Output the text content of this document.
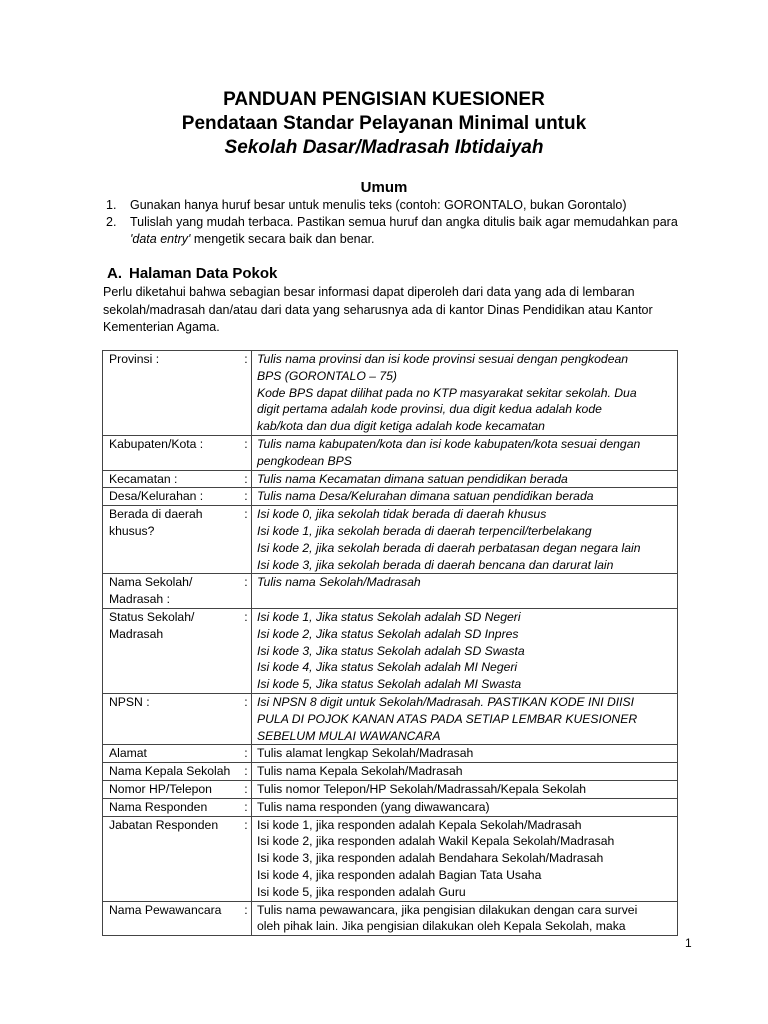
PANDUAN PENGISIAN KUESIONER
Pendataan Standar Pelayanan Minimal untuk
Sekolah Dasar/Madrasah Ibtidaiyah
Umum
1.	Gunakan hanya huruf besar untuk menulis teks (contoh: GORONTALO, bukan Gorontalo)
2.	Tulislah yang mudah terbaca. Pastikan semua huruf dan angka ditulis baik agar memudahkan para
'data entry' mengetik secara baik dan benar.
A. Halaman Data Pokok
Perlu diketahui bahwa sebagian besar informasi dapat diperoleh dari data yang ada di lembaran
sekolah/madrasah dan/atau dari data yang seharusnya ada di kantor Dinas Pendidikan atau Kantor
Kementerian Agama.
Provinsi :	:	Tulis nama provinsi dan isi kode provinsi sesuai dengan pengkodean
BPS (GORONTALO – 75)
Kode BPS dapat dilihat pada no KTP masyarakat sekitar sekolah. Dua
digit pertama adalah kode provinsi, dua digit kedua adalah kode
kab/kota dan dua digit ketiga adalah kode kecamatan

Kabupaten/Kota :	:	Tulis nama kabupaten/kota dan isi kode kabupaten/kota sesuai dengan
pengkodean BPS

Kecamatan :	:	Tulis nama Kecamatan dimana satuan pendidikan berada

Desa/Kelurahan :	:	Tulis nama Desa/Kelurahan dimana satuan pendidikan berada

Berada di daerah
khusus?	:	Isi kode 0, jika sekolah tidak berada di daerah khusus
Isi kode 1, jika sekolah berada di daerah terpencil/terbelakang
Isi kode 2, jika sekolah berada di daerah perbatasan degan negara lain
Isi kode 3, jika sekolah berada di daerah bencana dan darurat lain

Nama Sekolah/
Madrasah :	:	Tulis nama Sekolah/Madrasah

Status Sekolah/
Madrasah	:	Isi kode 1, Jika status Sekolah adalah SD Negeri
Isi kode 2, Jika status Sekolah adalah SD Inpres
Isi kode 3, Jika status Sekolah adalah SD Swasta
Isi kode 4, Jika status Sekolah adalah MI Negeri
Isi kode 5, Jika status Sekolah adalah MI Swasta

NPSN :	:	Isi NPSN 8 digit untuk Sekolah/Madrasah. PASTIKAN KODE INI DIISI
PULA DI POJOK KANAN ATAS PADA SETIAP LEMBAR KUESIONER
SEBELUM MULAI WAWANCARA

Alamat	:	Tulis alamat lengkap Sekolah/Madrasah

Nama Kepala Sekolah	:	Tulis nama Kepala Sekolah/Madrasah

Nomor HP/Telepon	:	Tulis nomor Telepon/HP Sekolah/Madrassah/Kepala Sekolah

Nama Responden	:	Tulis nama responden (yang diwawancara)

Jabatan Responden	:	Isi kode 1, jika responden adalah Kepala Sekolah/Madrasah
Isi kode 2, jika responden adalah Wakil Kepala Sekolah/Madrasah
Isi kode 3, jika responden adalah Bendahara Sekolah/Madrasah
Isi kode 4, jika responden adalah Bagian Tata Usaha
Isi kode 5, jika responden adalah Guru

Nama Pewawancara	:	Tulis nama pewawancara, jika pengisian dilakukan dengan cara survei
oleh pihak lain. Jika pengisian dilakukan oleh Kepala Sekolah, maka
1
